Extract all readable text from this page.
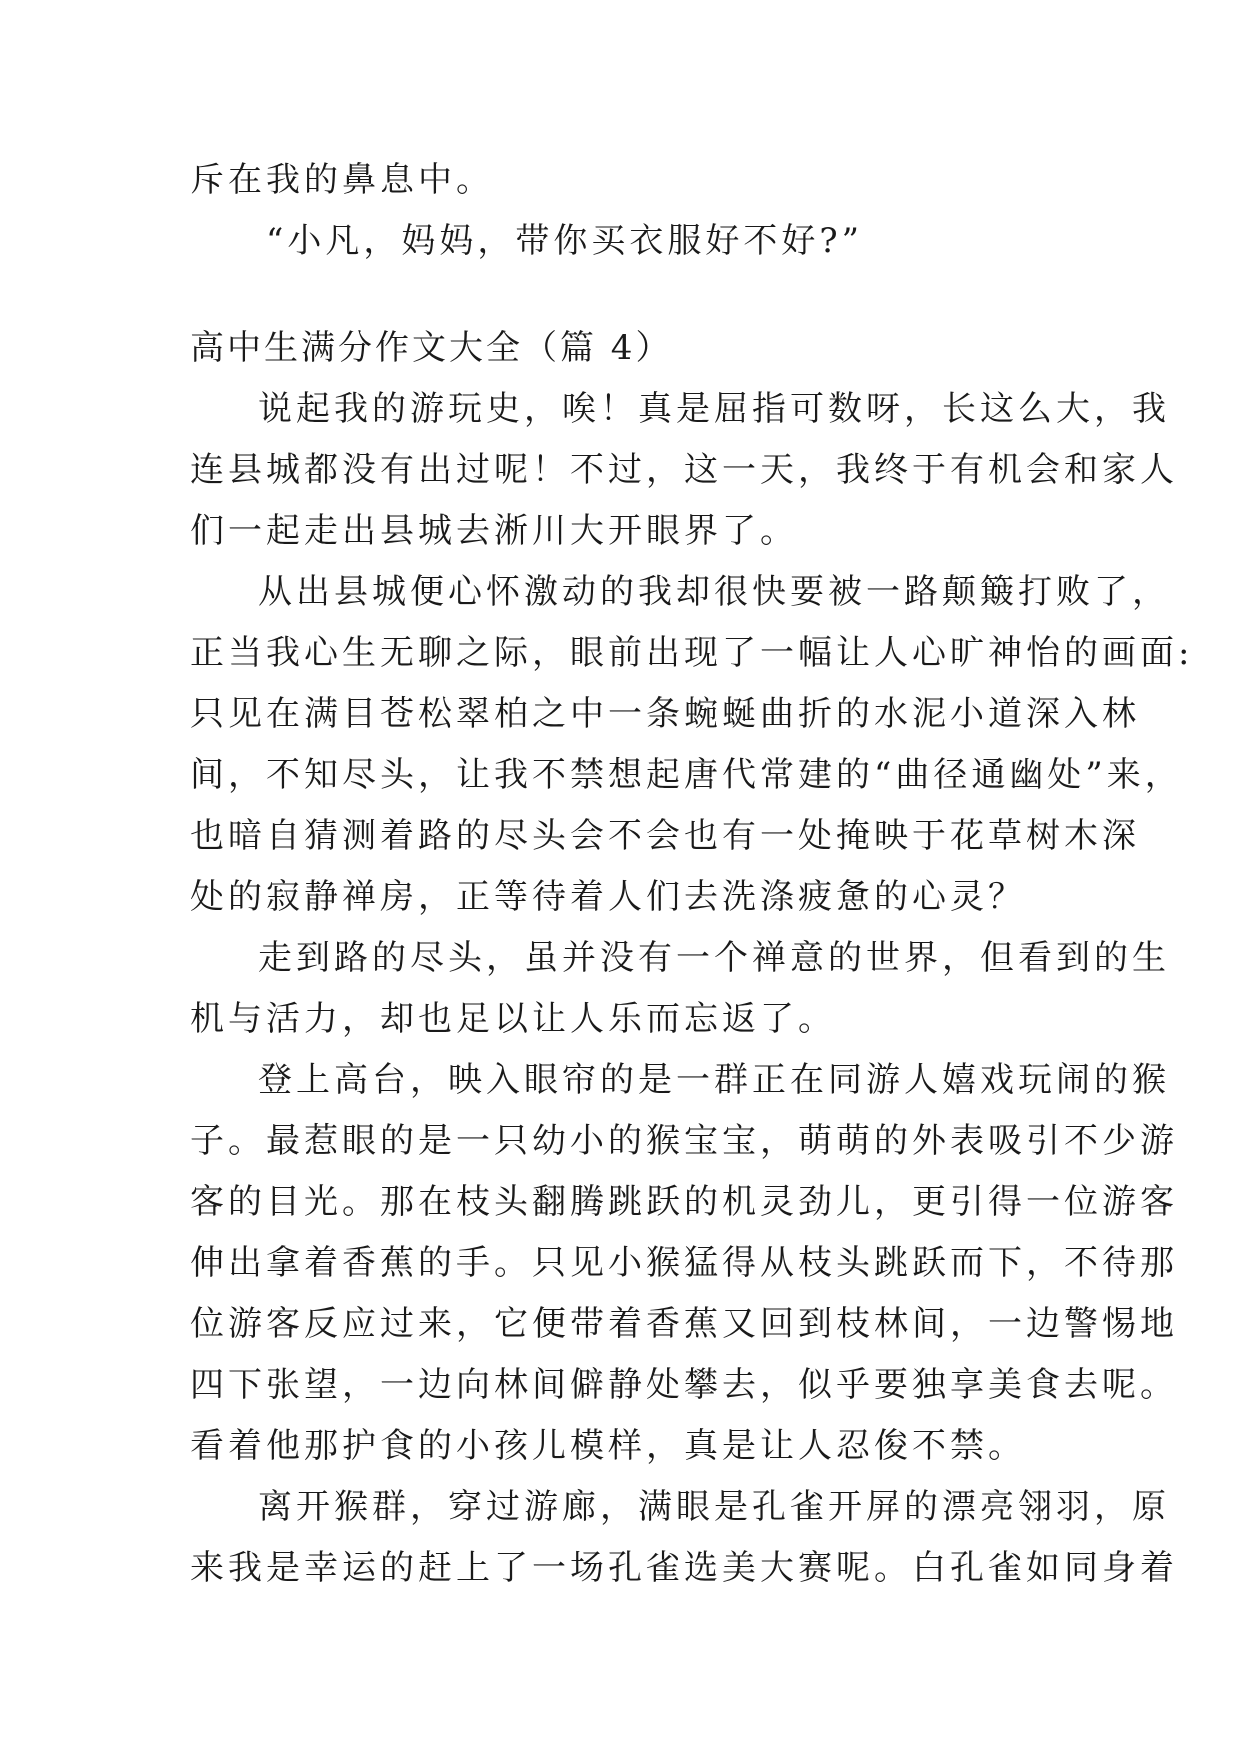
斥在我的鼻息中。
“小凡，妈妈，带你买衣服好不好?”
高中生满分作文大全（篇 4）
说起我的游玩史，唉！真是屈指可数呀，长这么大，我
连县城都没有出过呢！不过，这一天，我终于有机会和家人
们一起走出县城去淅川大开眼界了。
从出县城便心怀激动的我却很快要被一路颠簸打败了，
正当我心生无聊之际，眼前出现了一幅让人心旷神怡的画面:
只见在满目苍松翠柏之中一条蜿蜒曲折的水泥小道深入林
间，不知尽头，让我不禁想起唐代常建的“曲径通幽处”来，
也暗自猜测着路的尽头会不会也有一处掩映于花草树木深
处的寂静禅房，正等待着人们去洗涤疲惫的心灵？
走到路的尽头，虽并没有一个禅意的世界，但看到的生
机与活力，却也足以让人乐而忘返了。
登上高台，映入眼帘的是一群正在同游人嬉戏玩闹的猴
子。最惹眼的是一只幼小的猴宝宝，萌萌的外表吸引不少游
客的目光。那在枝头翻腾跳跃的机灵劲儿，更引得一位游客
伸出拿着香蕉的手。只见小猴猛得从枝头跳跃而下，不待那
位游客反应过来，它便带着香蕉又回到枝林间，一边警惕地
四下张望，一边向林间僻静处攀去，似乎要独享美食去呢。
看着他那护食的小孩儿模样，真是让人忍俊不禁。
离开猴群，穿过游廊，满眼是孔雀开屏的漂亮翎羽，原
来我是幸运的赶上了一场孔雀选美大赛呢。白孔雀如同身着
